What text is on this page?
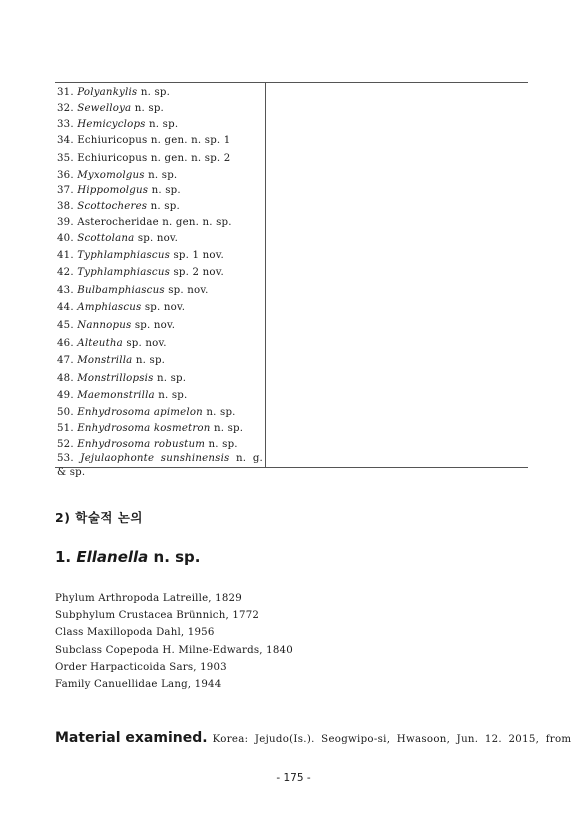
31. Polyankylis n. sp.
32. Sewelloya n. sp.
33. Hemicyclops n. sp.
34. Echiuricopus n. gen. n. sp. 1
35. Echiuricopus n. gen. n. sp. 2
36. Myxomolgus n. sp.
37. Hippomolgus n. sp.
38. Scottocheres n. sp.
39. Asterocheridae n. gen. n. sp.
40. Scottolana sp. nov.
41. Typhlamphiascus sp. 1 nov.
42. Typhlamphiascus sp. 2 nov.
43. Bulbamphiascus sp. nov.
44. Amphiascus sp. nov.
45. Nannopus sp. nov.
46. Alteutha sp. nov.
47. Monstrilla n. sp.
48. Monstrillopsis n. sp.
49. Maemonstrilla n. sp.
50. Enhydrosoma apimelon n. sp.
51. Enhydrosoma kosmetron n. sp.
52. Enhydrosoma robustum n. sp.
53. Jejulaophonte sunshinensis n. g. & sp.
2) 학술적 논의
1. Ellanella n. sp.
Phylum Arthropoda Latreille, 1829
Subphylum Crustacea Brünnich, 1772
Class Maxillopoda Dahl, 1956
Subclass Copepoda H. Milne-Edwards, 1840
Order Harpacticoida Sars, 1903
Family Canuellidae Lang, 1944
Material examined. Korea: Jejudo(Is.). Seogwipo-si, Hwasoon, Jun. 12. 2015, from
- 175 -
